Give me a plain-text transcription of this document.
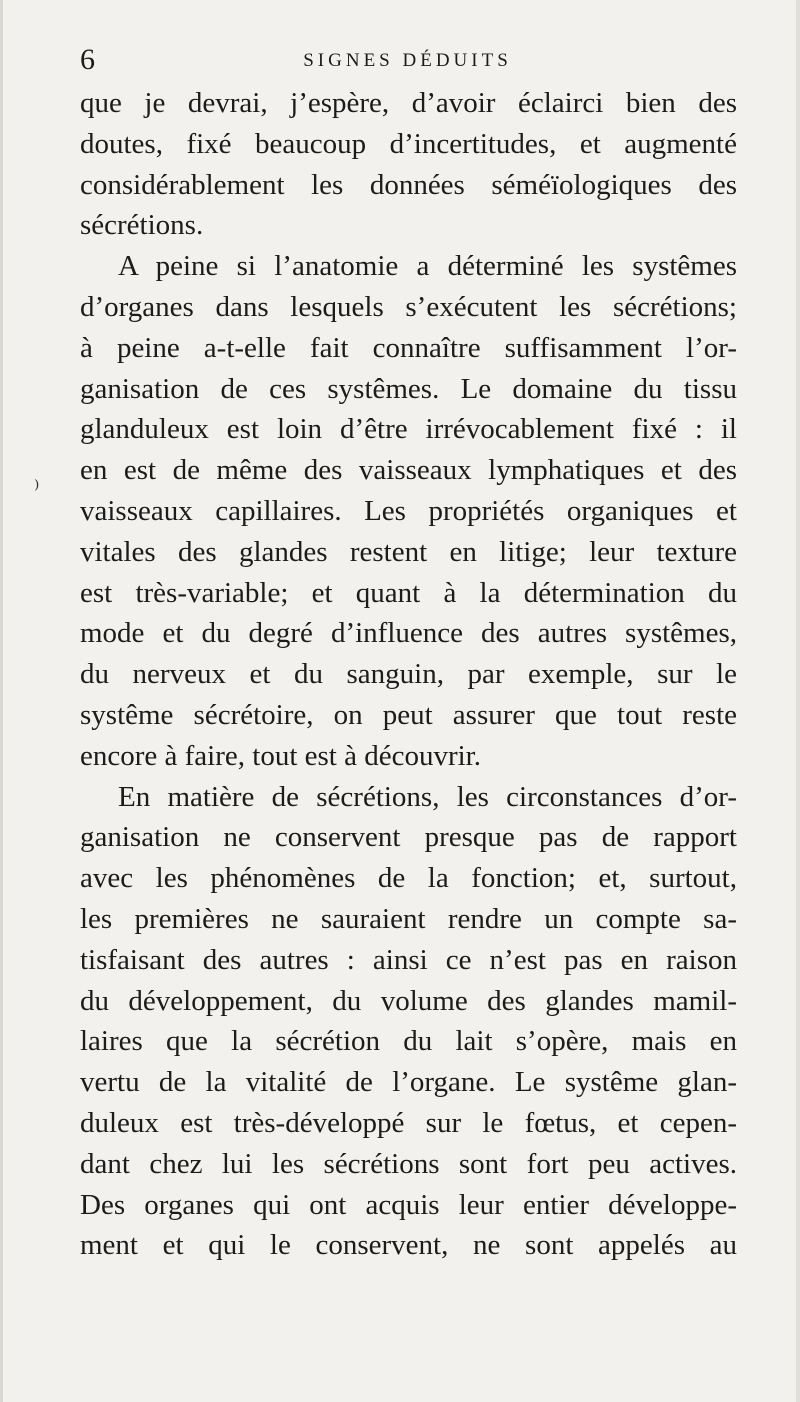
6	SIGNES DÉDUITS
⁾
que je devrai, j’espère, d’avoir éclairci bien des
doutes, fixé beaucoup d’incertitudes, et augmenté
considérablement les données séméïologiques des
sécrétions.
A peine si l’anatomie a déterminé les systêmes
d’organes dans lesquels s’exécutent les sécrétions;
à peine a-t-elle fait connaître suffisamment l’or-
ganisation de ces systêmes. Le domaine du tissu
glanduleux est loin d’être irrévocablement fixé : il
en est de même des vaisseaux lymphatiques et des
vaisseaux capillaires. Les propriétés organiques et
vitales des glandes restent en litige; leur texture
est très-variable; et quant à la détermination du
mode et du degré d’influence des autres systêmes,
du nerveux et du sanguin, par exemple, sur le
systême sécrétoire, on peut assurer que tout reste
encore à faire, tout est à découvrir.
En matière de sécrétions, les circonstances d’or-
ganisation ne conservent presque pas de rapport
avec les phénomènes de la fonction; et, surtout,
les premières ne sauraient rendre un compte sa-
tisfaisant des autres : ainsi ce n’est pas en raison
du développement, du volume des glandes mamil-
laires que la sécrétion du lait s’opère, mais en
vertu de la vitalité de l’organe. Le systême glan-
duleux est très-développé sur le fœtus, et cepen-
dant chez lui les sécrétions sont fort peu actives.
Des organes qui ont acquis leur entier développe-
ment et qui le conservent, ne sont appelés au
